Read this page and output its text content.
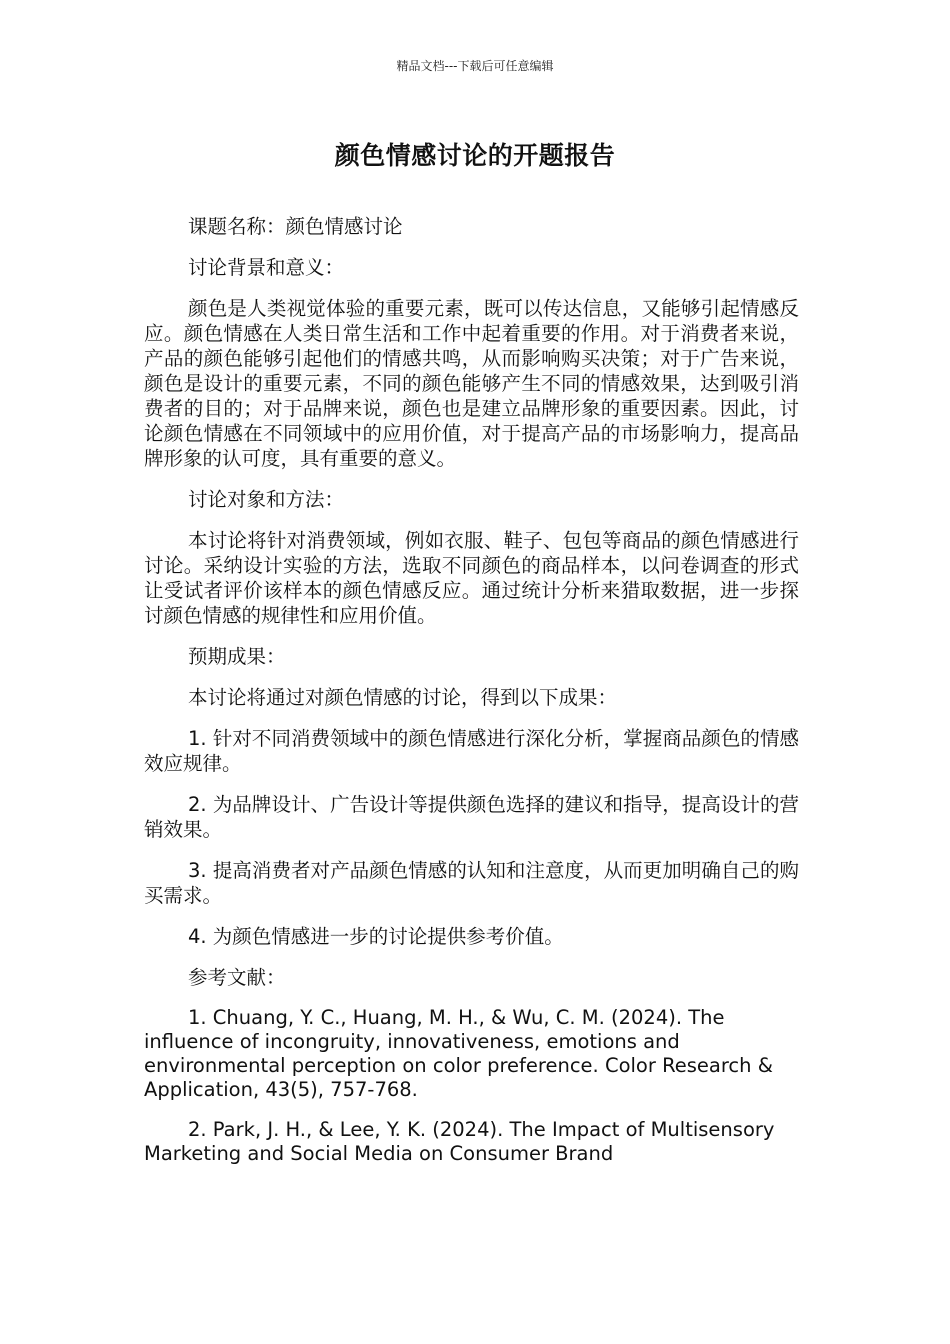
精品文档---下载后可任意编辑
颜色情感讨论的开题报告

课题名称：颜色情感讨论

讨论背景和意义：

颜色是人类视觉体验的重要元素，既可以传达信息，又能够引起情感反应。颜色情感在人类日常生活和工作中起着重要的作用。对于消费者来说，产品的颜色能够引起他们的情感共鸣，从而影响购买决策；对于广告来说，颜色是设计的重要元素，不同的颜色能够产生不同的情感效果，达到吸引消费者的目的；对于品牌来说，颜色也是建立品牌形象的重要因素。因此，讨论颜色情感在不同领域中的应用价值，对于提高产品的市场影响力，提高品牌形象的认可度，具有重要的意义。

讨论对象和方法：

本讨论将针对消费领域，例如衣服、鞋子、包包等商品的颜色情感进行讨论。采纳设计实验的方法，选取不同颜色的商品样本，以问卷调查的形式让受试者评价该样本的颜色情感反应。通过统计分析来猎取数据，进一步探讨颜色情感的规律性和应用价值。

预期成果：

本讨论将通过对颜色情感的讨论，得到以下成果：

1. 针对不同消费领域中的颜色情感进行深化分析，掌握商品颜色的情感效应规律。

2. 为品牌设计、广告设计等提供颜色选择的建议和指导，提高设计的营销效果。

3. 提高消费者对产品颜色情感的认知和注意度，从而更加明确自己的购买需求。

4. 为颜色情感进一步的讨论提供参考价值。

参考文献：

1. Chuang, Y. C., Huang, M. H., & Wu, C. M. (2024). The influence of incongruity, innovativeness, emotions and environmental perception on color preference. Color Research & Application, 43(5), 757-768.

2. Park, J. H., & Lee, Y. K. (2024). The Impact of Multisensory Marketing and Social Media on Consumer Brand
